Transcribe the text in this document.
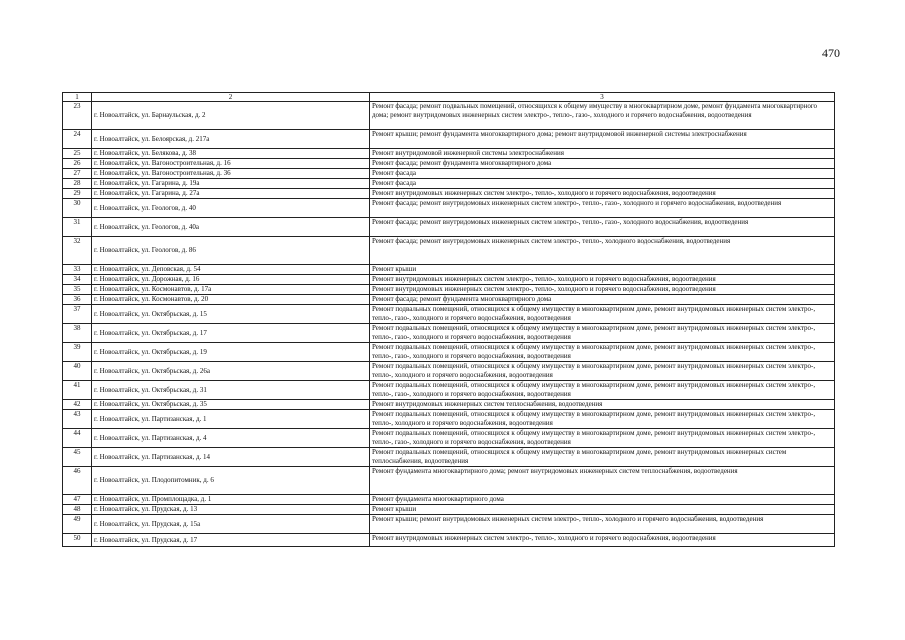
470
1	2	3
23	г. Новоалтайск, ул. Барнаульская, д. 2	Ремонт фасада; ремонт подвальных помещений, относящихся к общему имуществу в многоквартирном доме, ремонт фундамента многоквартирного дома; ремонт внутридомовых инженерных систем электро-, тепло-, газо-, холодного и горячего водоснабжения, водоотведения
24	г. Новоалтайск, ул. Белоярская, д. 217а	Ремонт крыши; ремонт фундамента многоквартирного дома; ремонт внутридомовой инженерной системы электроснабжения
25	г. Новоалтайск, ул. Белякова, д. 38	Ремонт внутридомовой инженерной системы электроснабжения
26	г. Новоалтайск, ул. Вагоностроительная, д. 16	Ремонт фасада; ремонт фундамента многоквартирного дома
27	г. Новоалтайск, ул. Вагоностроительная, д. 36	Ремонт фасада
28	г. Новоалтайск, ул. Гагарина, д. 19а	Ремонт фасада
29	г. Новоалтайск, ул. Гагарина, д. 27а	Ремонт внутридомовых инженерных систем электро-, тепло-, холодного и горячего водоснабжения, водоотведения
30	г. Новоалтайск, ул. Геологов, д. 40	Ремонт фасада; ремонт внутридомовых инженерных систем электро-, тепло-, газо-, холодного и горячего водоснабжения, водоотведения
31	г. Новоалтайск, ул. Геологов, д. 40а	Ремонт фасада; ремонт внутридомовых инженерных систем электро-, тепло-, газо-, холодного водоснабжения, водоотведения
32	г. Новоалтайск, ул. Геологов, д. 86	Ремонт фасада; ремонт внутридомовых инженерных систем электро-, тепло-, холодного водоснабжения, водоотведения
33	г. Новоалтайск, ул. Деповская, д. 54	Ремонт крыши
34	г. Новоалтайск, ул. Дорожная, д. 16	Ремонт внутридомовых инженерных систем электро-, тепло-, холодного и горячего водоснабжения, водоотведения
35	г. Новоалтайск, ул. Космонавтов, д. 17а	Ремонт внутридомовых инженерных систем электро-, тепло-, холодного и горячего водоснабжения, водоотведения
36	г. Новоалтайск, ул. Космонавтов, д. 20	Ремонт фасада; ремонт фундамента многоквартирного дома
37	г. Новоалтайск, ул. Октябрьская, д. 15	Ремонт подвальных помещений, относящихся к общему имуществу в многоквартирном доме, ремонт внутридомовых инженерных систем электро-, тепло-, газо-, холодного и горячего водоснабжения, водоотведения
38	г. Новоалтайск, ул. Октябрьская, д. 17	Ремонт подвальных помещений, относящихся к общему имуществу в многоквартирном доме, ремонт внутридомовых инженерных систем электро-, тепло-, газо-, холодного и горячего водоснабжения, водоотведения
39	г. Новоалтайск, ул. Октябрьская, д. 19	Ремонт подвальных помещений, относящихся к общему имуществу в многоквартирном доме, ремонт внутридомовых инженерных систем электро-, тепло-, газо-, холодного и горячего водоснабжения, водоотведения
40	г. Новоалтайск, ул. Октябрьская, д. 26а	Ремонт подвальных помещений, относящихся к общему имуществу в многоквартирном доме, ремонт внутридомовых инженерных систем электро-, тепло-, холодного и горячего водоснабжения, водоотведения
41	г. Новоалтайск, ул. Октябрьская, д. 31	Ремонт подвальных помещений, относящихся к общему имуществу в многоквартирном доме, ремонт внутридомовых инженерных систем электро-, тепло-, газо-, холодного и горячего водоснабжения, водоотведения
42	г. Новоалтайск, ул. Октябрьская, д. 35	Ремонт внутридомовых инженерных систем теплоснабжения, водоотведения
43	г. Новоалтайск, ул. Партизанская, д. 1	Ремонт подвальных помещений, относящихся к общему имуществу в многоквартирном доме, ремонт внутридомовых инженерных систем электро-, тепло-, холодного и горячего водоснабжения, водоотведения
44	г. Новоалтайск, ул. Партизанская, д. 4	Ремонт подвальных помещений, относящихся к общему имуществу в многоквартирном доме, ремонт внутридомовых инженерных систем электро-, тепло-, газо-, холодного и горячего водоснабжения, водоотведения
45	г. Новоалтайск, ул. Партизанская, д. 14	Ремонт подвальных помещений, относящихся к общему имуществу в многоквартирном доме, ремонт внутридомовых инженерных систем теплоснабжения, водоотведения
46	г. Новоалтайск, ул. Плодопитомник, д. 6	Ремонт фундамента многоквартирного дома; ремонт внутридомовых инженерных систем теплоснабжения, водоотведения
47	г. Новоалтайск, ул. Промплощадка, д. 1	Ремонт фундамента многоквартирного дома
48	г. Новоалтайск, ул. Прудская, д. 13	Ремонт крыши
49	г. Новоалтайск, ул. Прудская, д. 15а	Ремонт крыши; ремонт внутридомовых инженерных систем электро-, тепло-, холодного и горячего водоснабжения, водоотведения
50	г. Новоалтайск, ул. Прудская, д. 17	Ремонт внутридомовых инженерных систем электро-, тепло-, холодного и горячего водоснабжения, водоотведения
